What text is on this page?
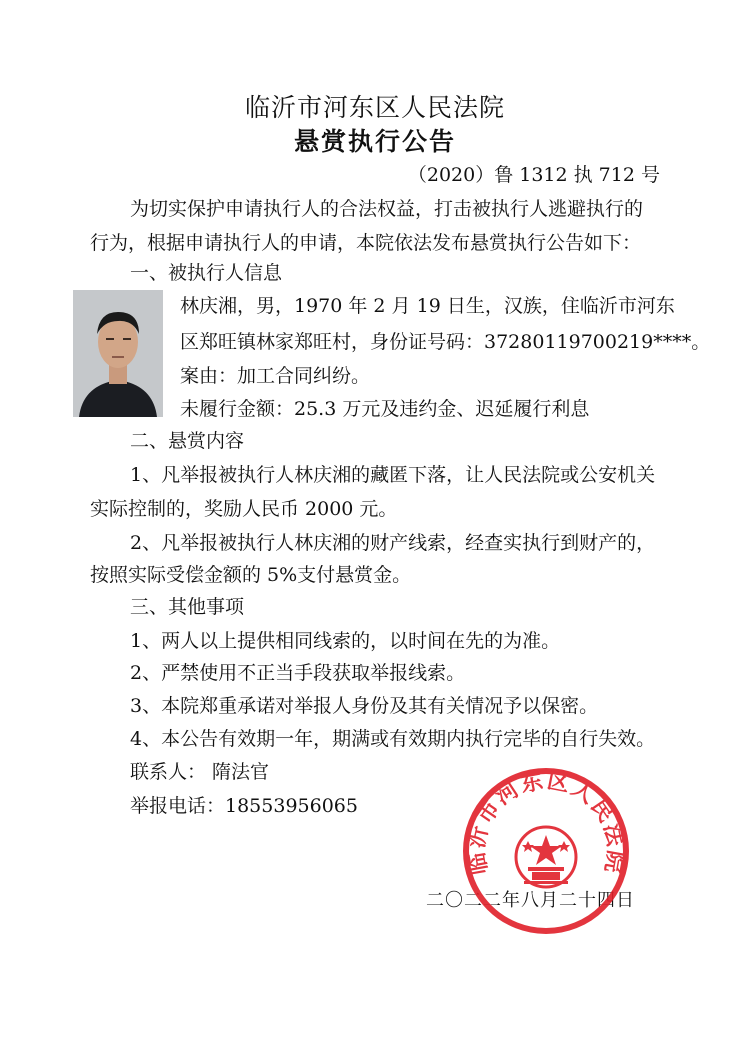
临沂市河东区人民法院
悬赏执行公告
（2020）鲁 1312 执 712 号
为切实保护申请执行人的合法权益，打击被执行人逃避执行的
行为，根据申请执行人的申请，本院依法发布悬赏执行公告如下：
一、被执行人信息
林庆湘，男，1970 年 2 月 19 日生，汉族，住临沂市河东
区郑旺镇林家郑旺村，身份证号码：37280119700219****。
案由：加工合同纠纷。
未履行金额：25.3 万元及违约金、迟延履行利息
二、悬赏内容
1、凡举报被执行人林庆湘的藏匿下落，让人民法院或公安机关
实际控制的，奖励人民币 2000 元。
2、凡举报被执行人林庆湘的财产线索，经查实执行到财产的，
按照实际受偿金额的 5%支付悬赏金。
三、其他事项
1、两人以上提供相同线索的，以时间在先的为准。
2、严禁使用不正当手段获取举报线索。
3、本院郑重承诺对举报人身份及其有关情况予以保密。
4、本公告有效期一年，期满或有效期内执行完毕的自行失效。
联系人： 隋法官
举报电话：18553956065
二〇二二年八月二十四日
临沂市河东区人民法院
